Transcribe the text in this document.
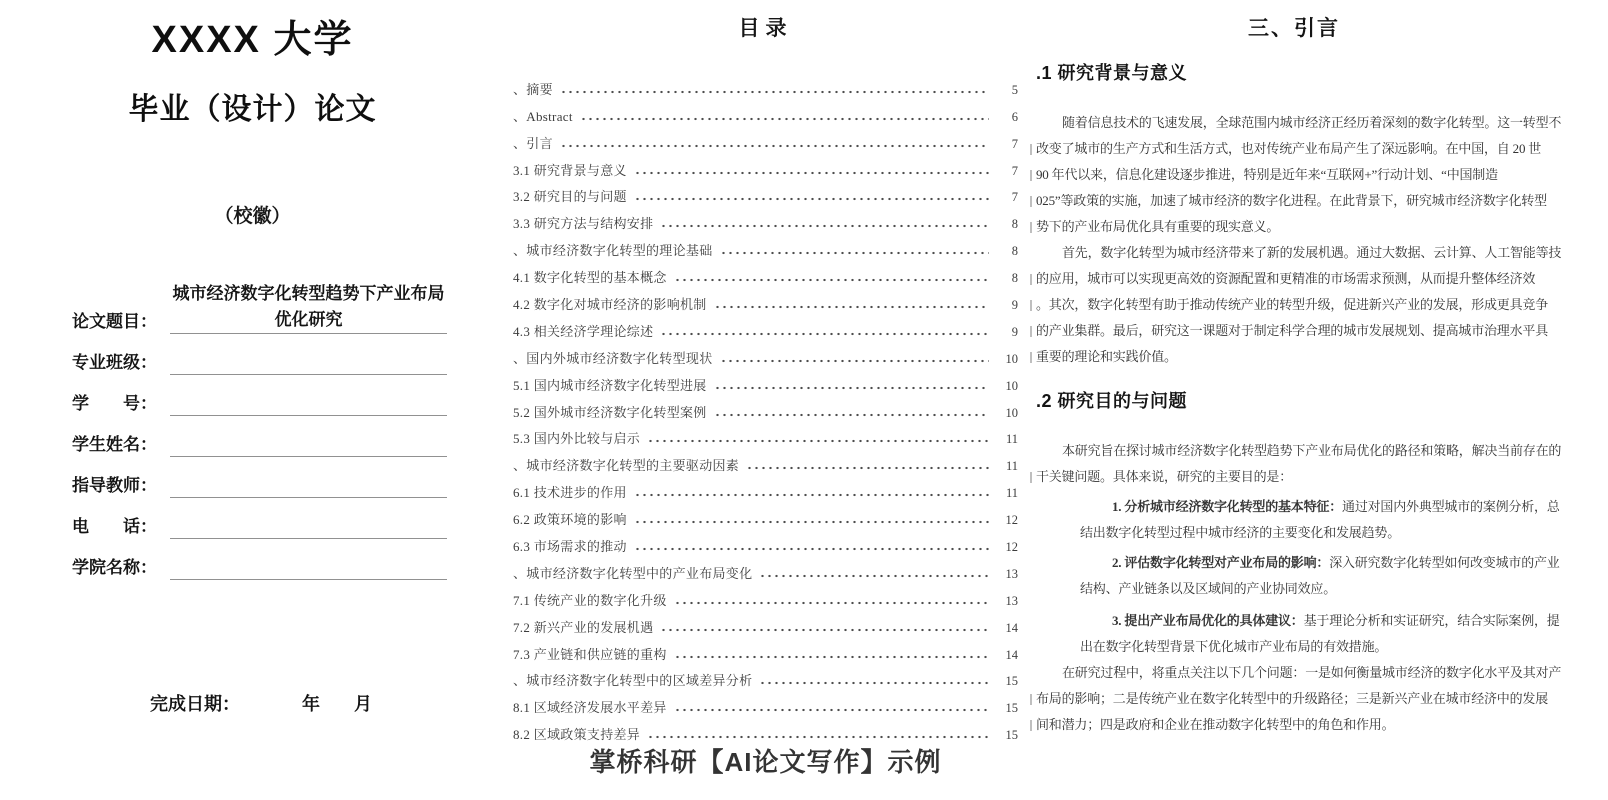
XXXX 大学
毕业（设计）论文
（校徽）
论文题目：
城市经济数字化转型趋势下产业布局
优化研究
专业班级：
学　　号：
学生姓名：
指导教师：
电　　话：
学院名称：
完成日期：	年 月
目录
、摘要	5
、Abstract	6
、引言	7
3.1 研究背景与意义	7
3.2 研究目的与问题	7
3.3 研究方法与结构安排	8
、城市经济数字化转型的理论基础	8
4.1 数字化转型的基本概念	8
4.2 数字化对城市经济的影响机制	9
4.3 相关经济学理论综述	9
、国内外城市经济数字化转型现状	10
5.1 国内城市经济数字化转型进展	10
5.2 国外城市经济数字化转型案例	10
5.3 国内外比较与启示	11
、城市经济数字化转型的主要驱动因素	11
6.1 技术进步的作用	11
6.2 政策环境的影响	12
6.3 市场需求的推动	12
、城市经济数字化转型中的产业布局变化	13
7.1 传统产业的数字化升级	13
7.2 新兴产业的发展机遇	14
7.3 产业链和供应链的重构	14
、城市经济数字化转型中的区域差异分析	15
8.1 区域经济发展水平差异	15
8.2 区域政策支持差异	15
三、引言
.1 研究背景与意义
随着信息技术的飞速发展，全球范围内城市经济正经历着深刻的数字化转型。这一转型不
改变了城市的生产方式和生活方式，也对传统产业布局产生了深远影响。在中国，自 20 世
90 年代以来，信息化建设逐步推进，特别是近年来“互联网+”行动计划、“中国制造
025”等政策的实施，加速了城市经济的数字化进程。在此背景下，研究城市经济数字化转型
势下的产业布局优化具有重要的现实意义。
首先，数字化转型为城市经济带来了新的发展机遇。通过大数据、云计算、人工智能等技
的应用，城市可以实现更高效的资源配置和更精准的市场需求预测，从而提升整体经济效
。其次，数字化转型有助于推动传统产业的转型升级，促进新兴产业的发展，形成更具竞争
的产业集群。最后，研究这一课题对于制定科学合理的城市发展规划、提高城市治理水平具
重要的理论和实践价值。
.2 研究目的与问题
本研究旨在探讨城市经济数字化转型趋势下产业布局优化的路径和策略，解决当前存在的
干关键问题。具体来说，研究的主要目的是：
1. 分析城市经济数字化转型的基本特征：通过对国内外典型城市的案例分析，总
结出数字化转型过程中城市经济的主要变化和发展趋势。
2. 评估数字化转型对产业布局的影响：深入研究数字化转型如何改变城市的产业
结构、产业链条以及区域间的产业协同效应。
3. 提出产业布局优化的具体建议：基于理论分析和实证研究，结合实际案例，提
出在数字化转型背景下优化城市产业布局的有效措施。
在研究过程中，将重点关注以下几个问题：一是如何衡量城市经济的数字化水平及其对产
布局的影响；二是传统产业在数字化转型中的升级路径；三是新兴产业在城市经济中的发展
间和潜力；四是政府和企业在推动数字化转型中的角色和作用。
掌桥科研【AI论文写作】示例
